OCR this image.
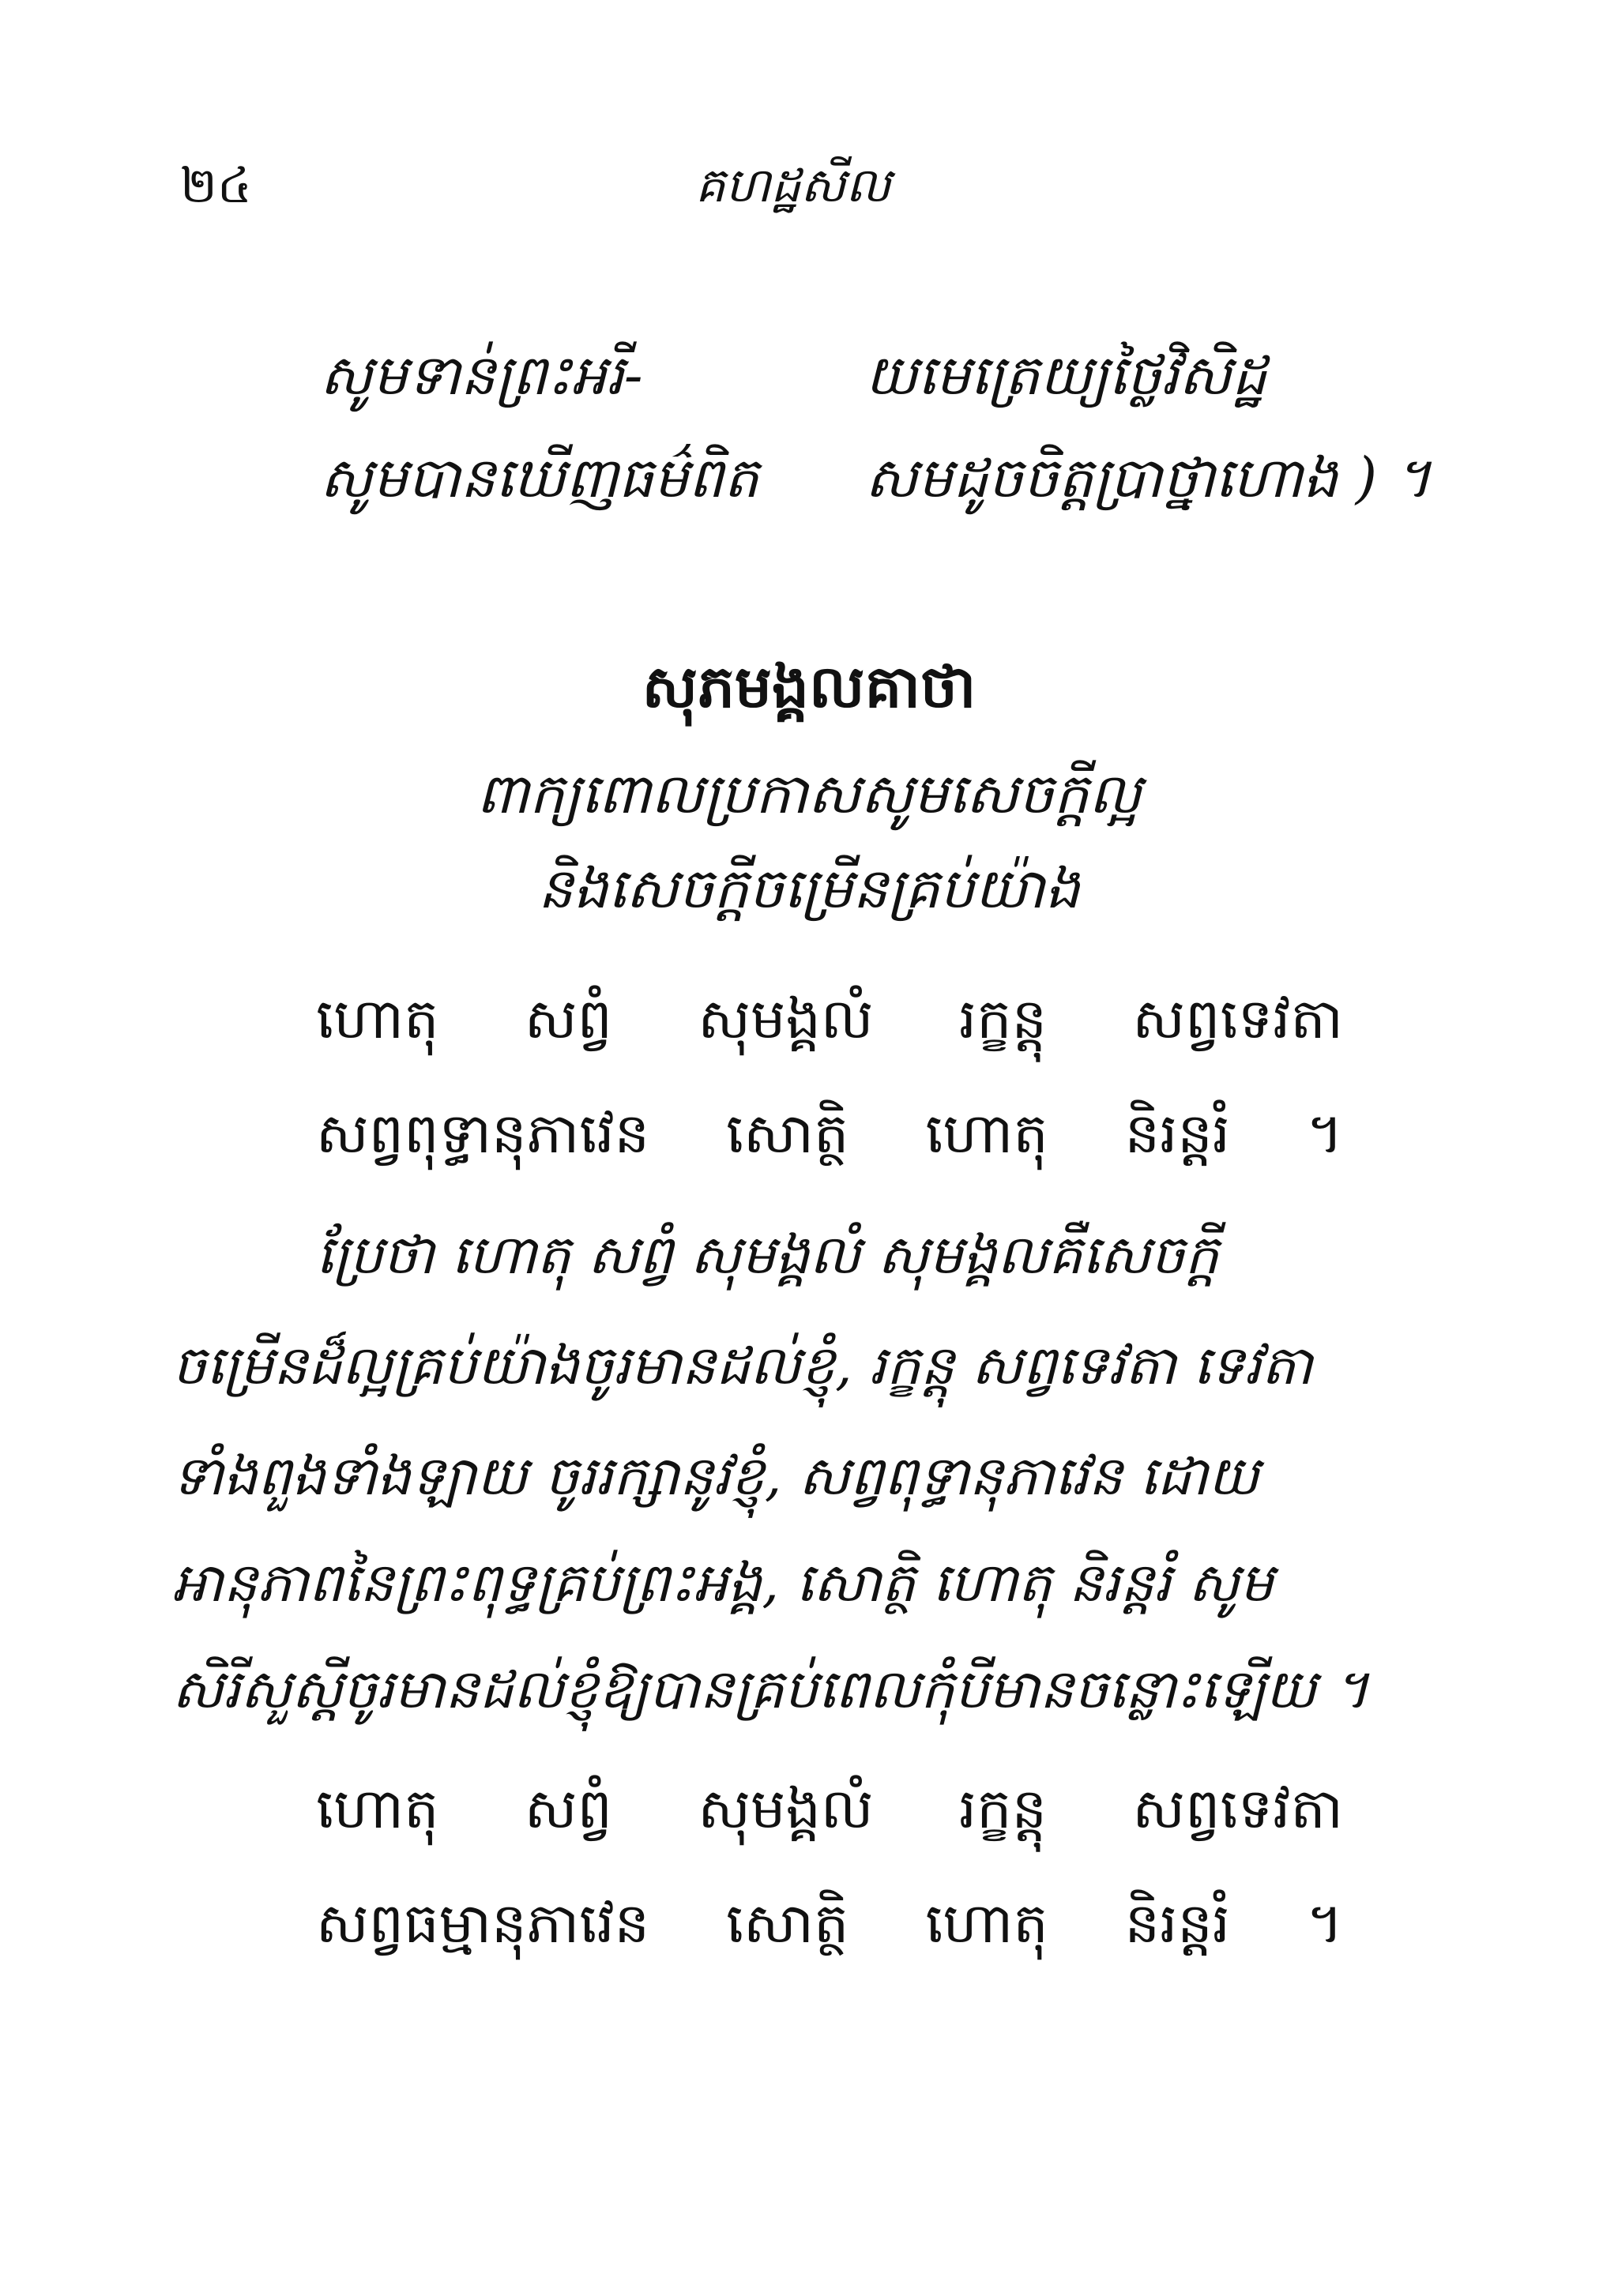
២៤	គហដ្ឋសីល
សូមទាន់ព្រះអរី-	យមេត្រេយ្យថ្លៃវិសិដ្ឋ
សូមបានឃើញធម៌ពិត សមដូចចិត្តប្រាថ្នាហោង ) ។
សុភមង្គលគាថា
ពាក្យពោលប្រកាសសូមសេចក្តីល្អ
និងសេចក្តីចម្រើនគ្រប់យ៉ាង
ហោតុ សព្វំ សុមង្គលំ រក្ខន្តុ សព្វទេវតា
សព្វពុទ្ធានុភាវេន សោត្ថិ ហោតុ និរន្តរំ ។
ប្រែថា ហោតុ សព្វំ សុមង្គលំ សុមង្គលគឺសេចក្តី
ចម្រើនដ៏ល្អគ្រប់យ៉ាងចូរមានដល់ខ្ញុំ, រក្ខន្តុ សព្វទេវតា ទេវតា
ទាំងពួងទាំងឡាយ ចូររក្សានូវខ្ញុំ, សព្វពុទ្ធានុភាវេន ដោយ
អានុភាពនៃព្រះពុទ្ធគ្រប់ព្រះអង្គ, សោត្ថិ ហោតុ និរន្តរំ សូម
សិរីសួស្តីចូរមានដល់ខ្ញុំឱ្យបានគ្រប់ពេលកុំបីមានចន្លោះឡើយ ។
ហោតុ សព្វំ សុមង្គលំ រក្ខន្តុ សព្វទេវតា
សព្វធម្មានុភាវេន សោត្ថិ ហោតុ និរន្តរំ ។
